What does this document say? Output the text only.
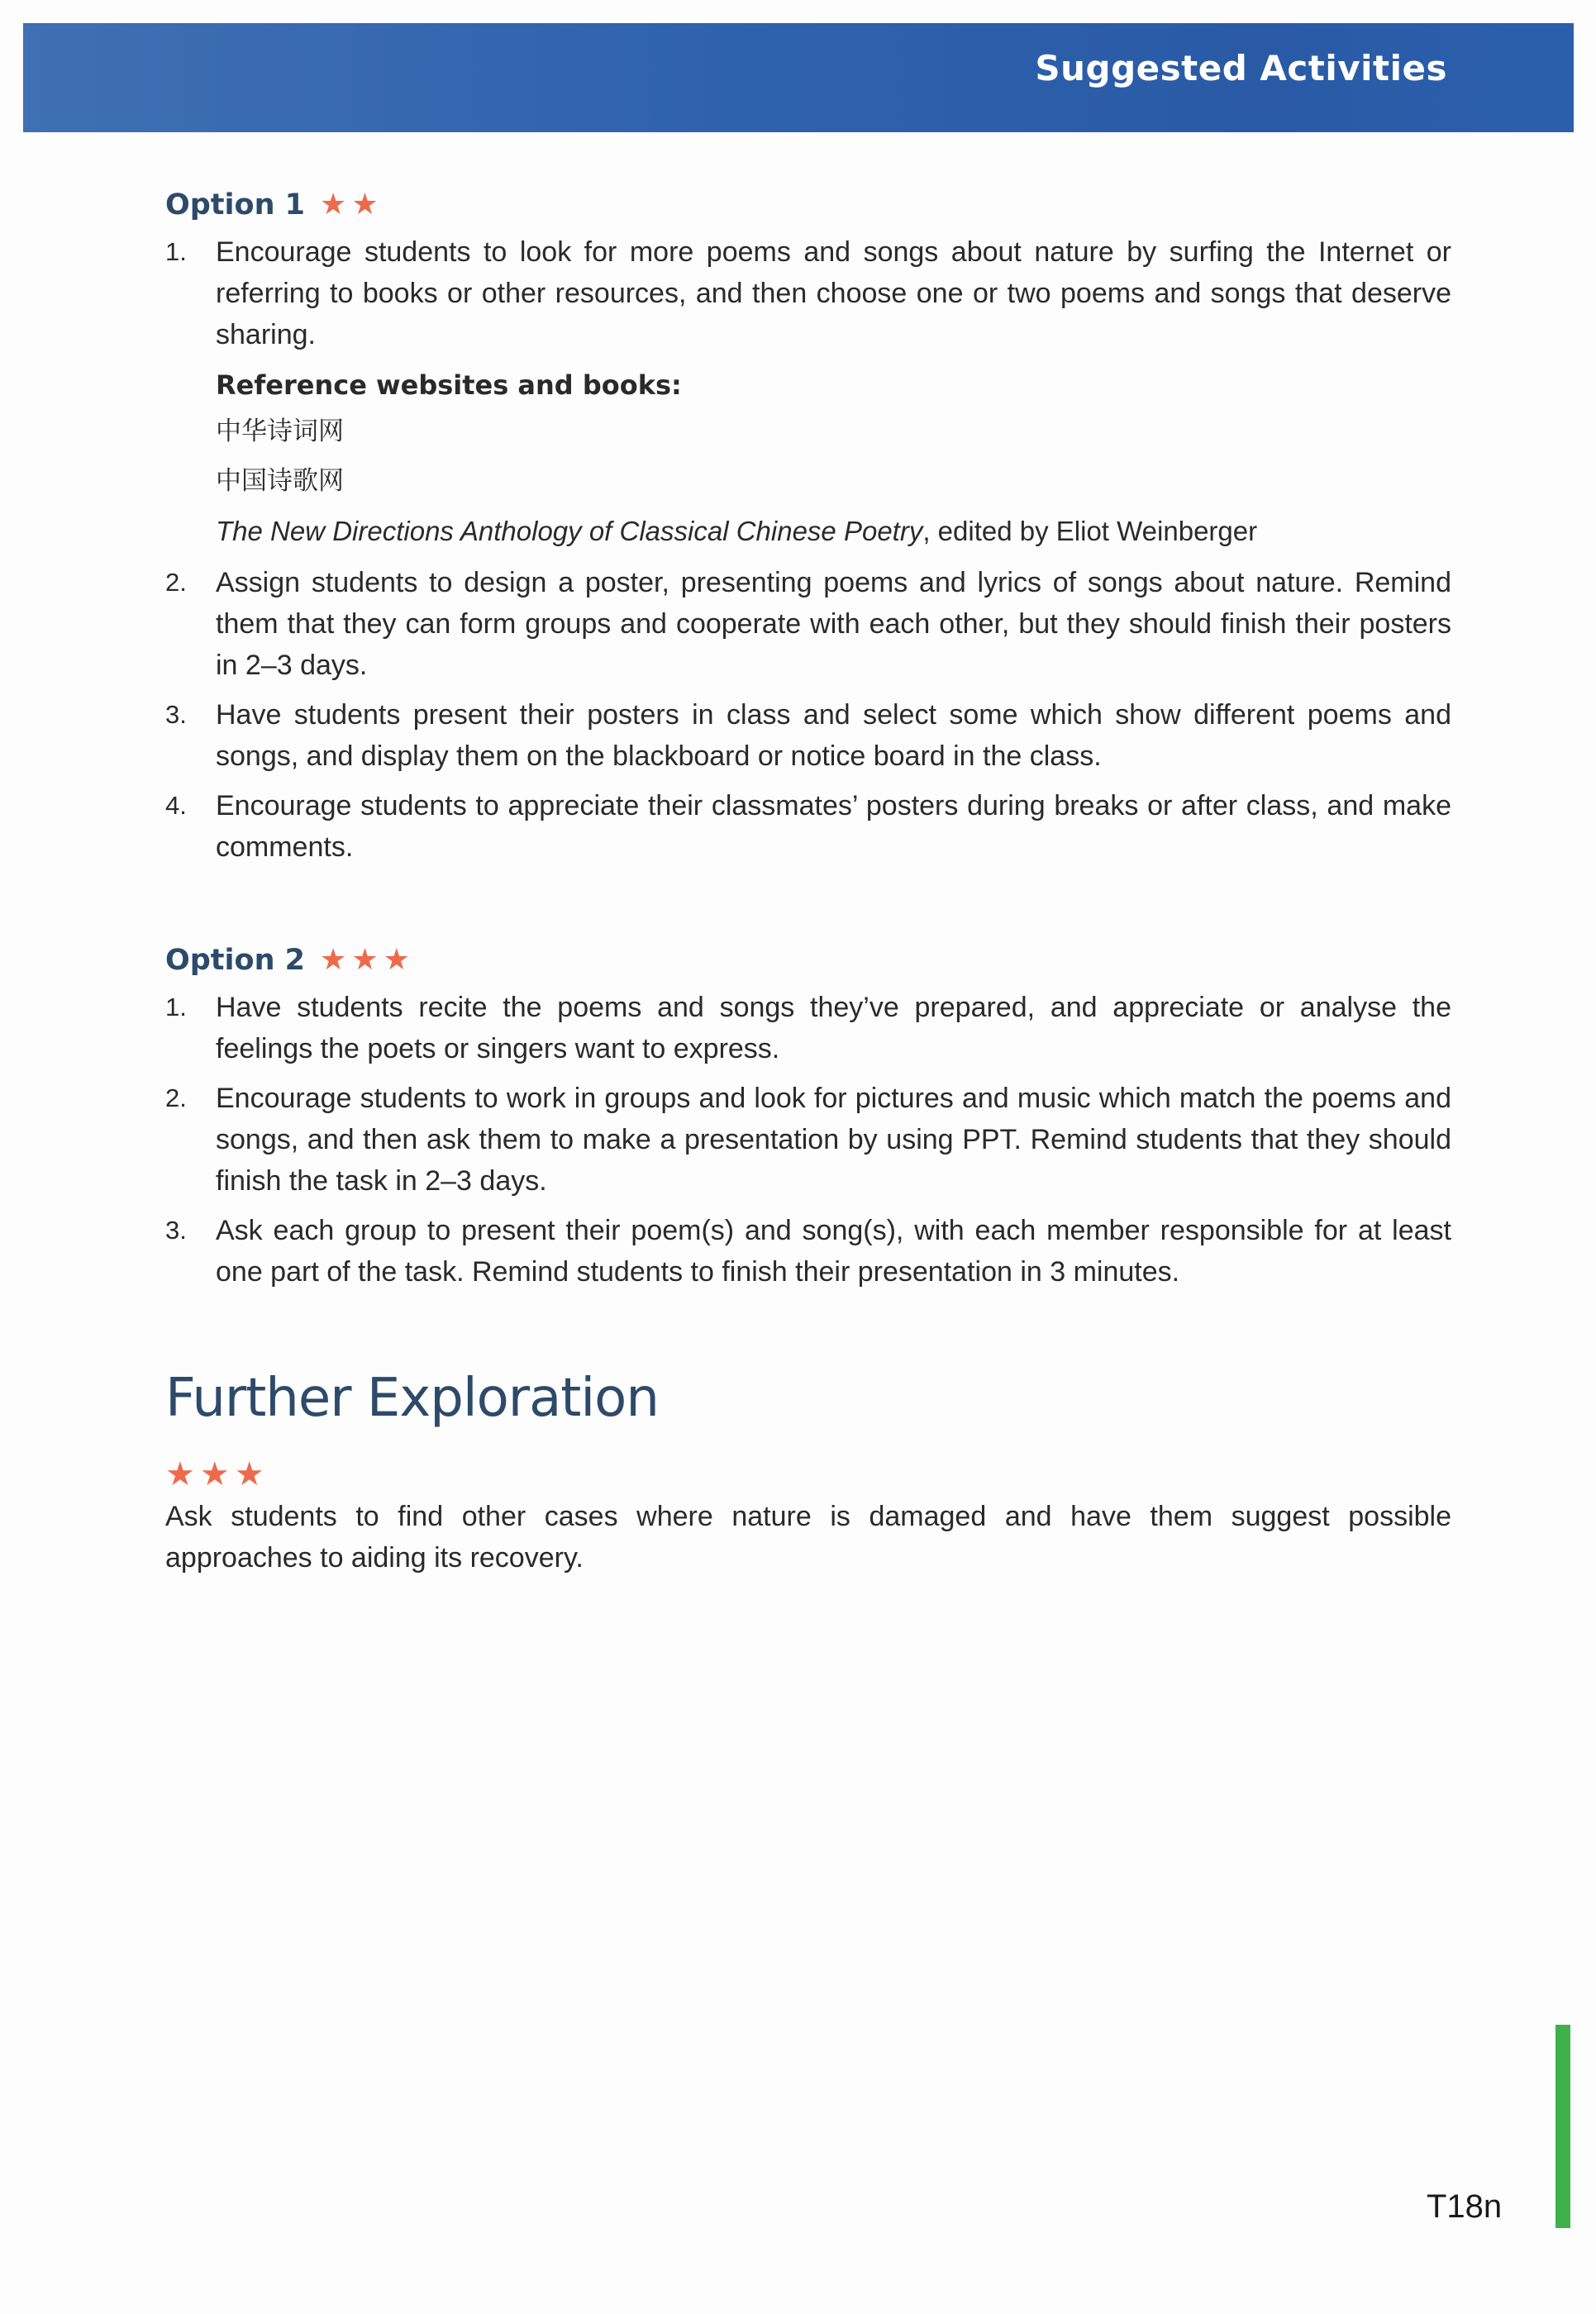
Suggested Activities
Option 1 ★★
1. Encourage students to look for more poems and songs about nature by surfing the Internet or referring to books or other resources, and then choose one or two poems and songs that deserve sharing.
Reference websites and books:
中华诗词网
中国诗歌网
The New Directions Anthology of Classical Chinese Poetry, edited by Eliot Weinberger
2. Assign students to design a poster, presenting poems and lyrics of songs about nature. Remind them that they can form groups and cooperate with each other, but they should finish their posters in 2–3 days.
3. Have students present their posters in class and select some which show different poems and songs, and display them on the blackboard or notice board in the class.
4. Encourage students to appreciate their classmates’ posters during breaks or after class, and make comments.
Option 2 ★★★
1. Have students recite the poems and songs they’ve prepared, and appreciate or analyse the feelings the poets or singers want to express.
2. Encourage students to work in groups and look for pictures and music which match the poems and songs, and then ask them to make a presentation by using PPT. Remind students that they should finish the task in 2–3 days.
3. Ask each group to present their poem(s) and song(s), with each member responsible for at least one part of the task. Remind students to finish their presentation in 3 minutes.
Further Exploration
★★★
Ask students to find other cases where nature is damaged and have them suggest possible approaches to aiding its recovery.
T18n
